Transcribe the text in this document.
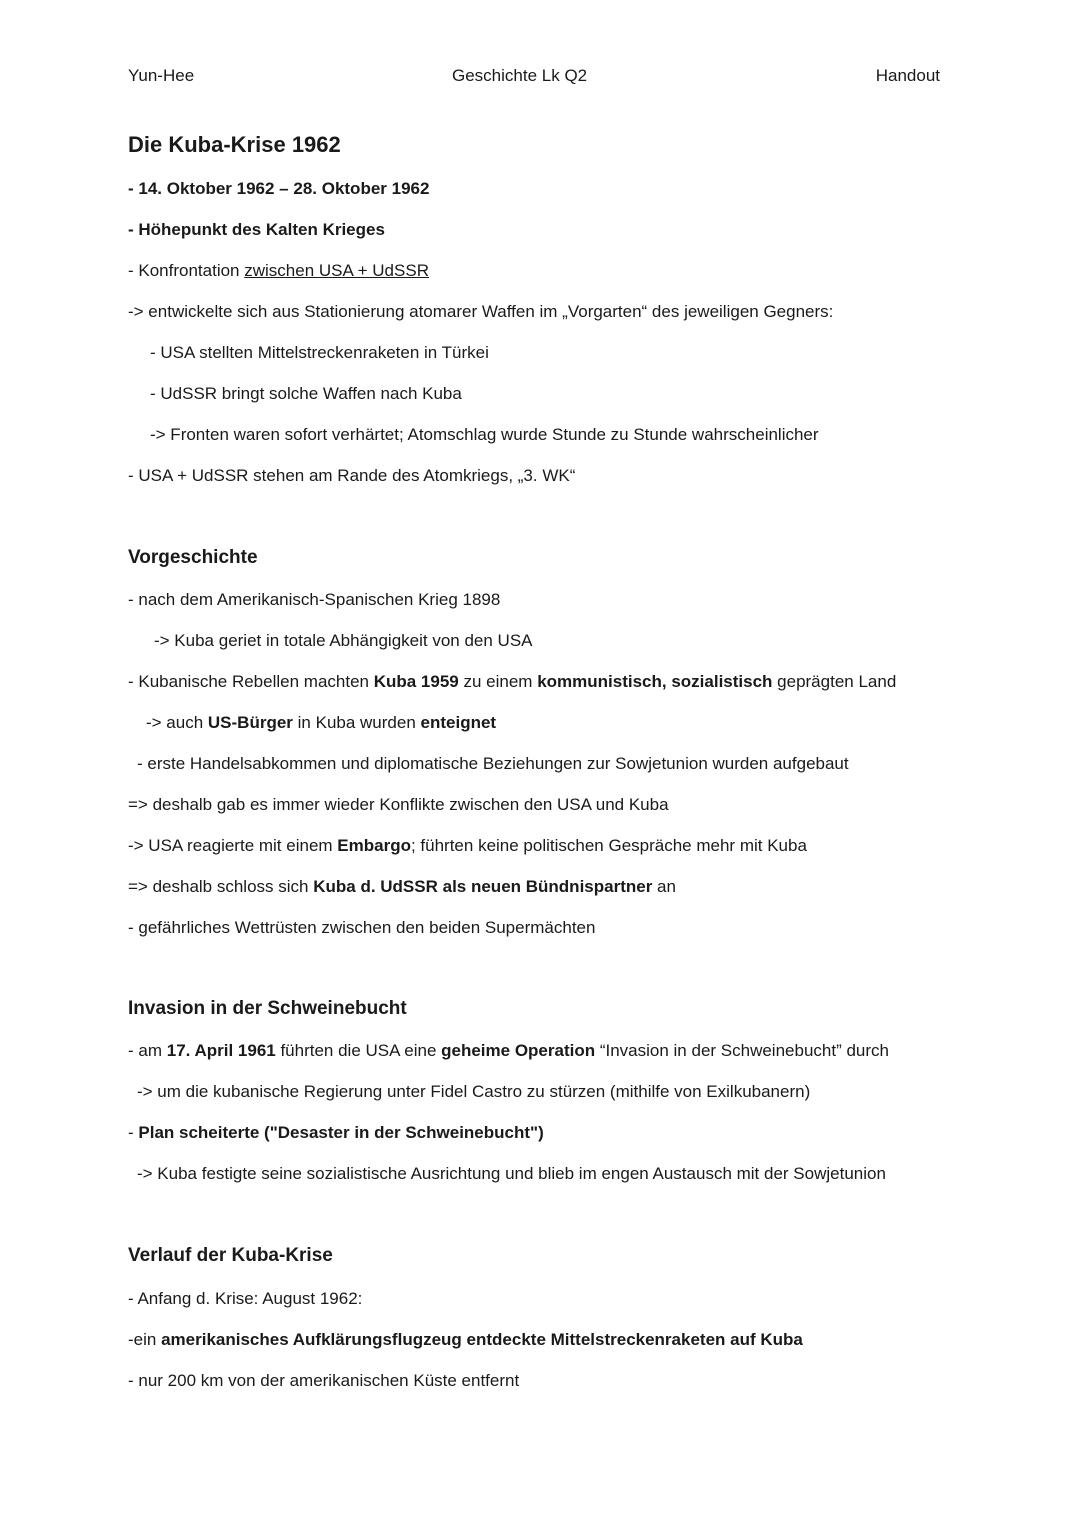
Yun-Hee	Geschichte Lk Q2	Handout
Die Kuba-Krise 1962
- 14. Oktober 1962 – 28. Oktober 1962
- Höhepunkt des Kalten Krieges
- Konfrontation zwischen USA + UdSSR
-> entwickelte sich aus Stationierung atomarer Waffen im „Vorgarten“ des jeweiligen Gegners:
- USA stellten Mittelstreckenraketen in Türkei
- UdSSR bringt solche Waffen nach Kuba
-> Fronten waren sofort verhärtet; Atomschlag wurde Stunde zu Stunde wahrscheinlicher
- USA + UdSSR stehen am Rande des Atomkriegs, „3. WK“
Vorgeschichte
- nach dem Amerikanisch-Spanischen Krieg 1898
-> Kuba geriet in totale Abhängigkeit von den USA
- Kubanische Rebellen machten Kuba 1959 zu einem kommunistisch, sozialistisch geprägten Land
-> auch US-Bürger in Kuba wurden enteignet
- erste Handelsabkommen und diplomatische Beziehungen zur Sowjetunion wurden aufgebaut
=> deshalb gab es immer wieder Konflikte zwischen den USA und Kuba
-> USA reagierte mit einem Embargo; führten keine politischen Gespräche mehr mit Kuba
=> deshalb schloss sich Kuba d. UdSSR als neuen Bündnispartner an
- gefährliches Wettrüsten zwischen den beiden Supermächten
Invasion in der Schweinebucht
- am 17. April 1961 führten die USA eine geheime Operation “Invasion in der Schweinebucht” durch
-> um die kubanische Regierung unter Fidel Castro zu stürzen (mithilfe von Exilkubanern)
- Plan scheiterte ("Desaster in der Schweinebucht")
-> Kuba festigte seine sozialistische Ausrichtung und blieb im engen Austausch mit der Sowjetunion
Verlauf der Kuba-Krise
- Anfang d. Krise: August 1962:
-ein amerikanisches Aufklärungsflugzeug entdeckte Mittelstreckenraketen auf Kuba
- nur 200 km von der amerikanischen Küste entfernt
